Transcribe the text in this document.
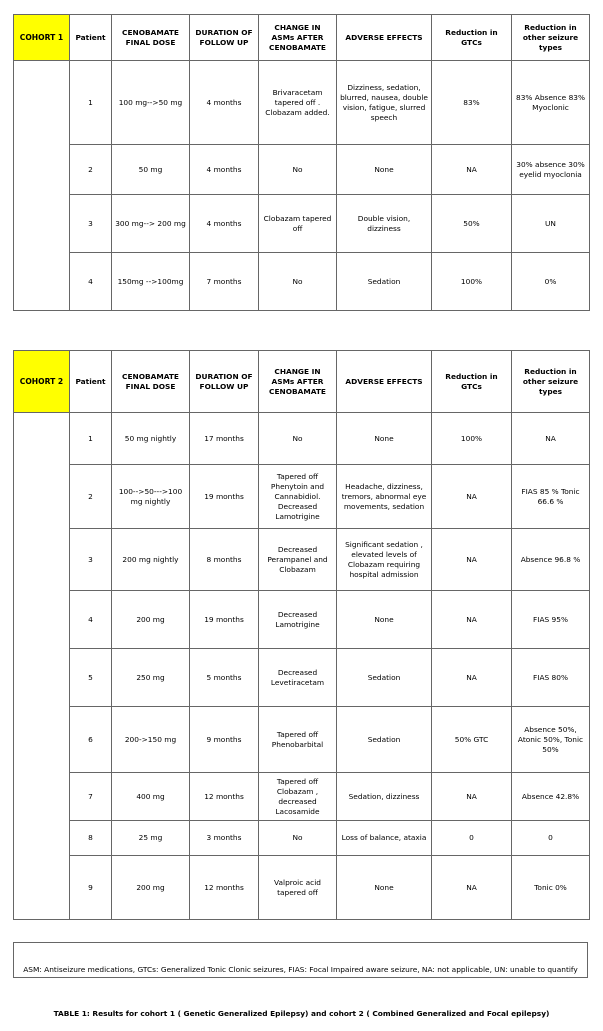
COHORT 1	Patient	CENOBAMATE FINAL DOSE	DURATION OF FOLLOW UP	CHANGE IN ASMs AFTER CENOBAMATE	ADVERSE EFFECTS	Reduction in GTCs	Reduction in other seizure types
	1	100 mg-->50 mg	4 months	Brivaracetam tapered off . Clobazam added.	Dizziness, sedation, blurred, nausea, double vision, fatigue, slurred speech	83%	83% Absence 83% Myoclonic
	2	50 mg	4 months	No	None	NA	30% absence 30% eyelid myoclonia
	3	300 mg--> 200 mg	4 months	Clobazam tapered off	Double vision, dizziness	50%	UN
	4	150mg -->100mg	7 months	No	Sedation	100%	0%
COHORT 2	Patient	CENOBAMATE FINAL DOSE	DURATION OF FOLLOW UP	CHANGE IN ASMs AFTER CENOBAMATE	ADVERSE EFFECTS	Reduction in GTCs	Reduction in other seizure types
	1	50 mg nightly	17 months	No	None	100%	NA
	2	100-->50--->100 mg nightly	19 months	Tapered off Phenytoin and Cannabidiol. Decreased Lamotrigine	Headache, dizziness, tremors, abnormal eye movements, sedation	NA	FIAS 85 % Tonic 66.6 %
	3	200 mg nightly	8 months	Decreased Perampanel and Clobazam	Significant sedation , elevated levels of Clobazam requiring hospital admission	NA	Absence 96.8 %
	4	200 mg	19 months	Decreased Lamotrigine	None	NA	FIAS 95%
	5	250 mg	5 months	Decreased Levetiracetam	Sedation	NA	FIAS 80%
	6	200->150 mg	9 months	Tapered off Phenobarbital	Sedation	50% GTC	Absence 50%, Atonic 50%, Tonic 50%
	7	400 mg	12 months	Tapered off Clobazam , decreased Lacosamide	Sedation, dizziness	NA	Absence 42.8%
	8	25 mg	3 months	No	Loss of balance, ataxia	0	0
	9	200 mg	12 months	Valproic acid tapered off	None	NA	Tonic 0%
ASM: Antiseizure medications, GTCs: Generalized Tonic Clonic seizures, FIAS: Focal Impaired aware seizure, NA: not applicable, UN: unable to quantify
TABLE 1: Results for cohort 1 ( Genetic Generalized Epilepsy) and cohort 2 ( Combined Generalized and Focal epilepsy)
